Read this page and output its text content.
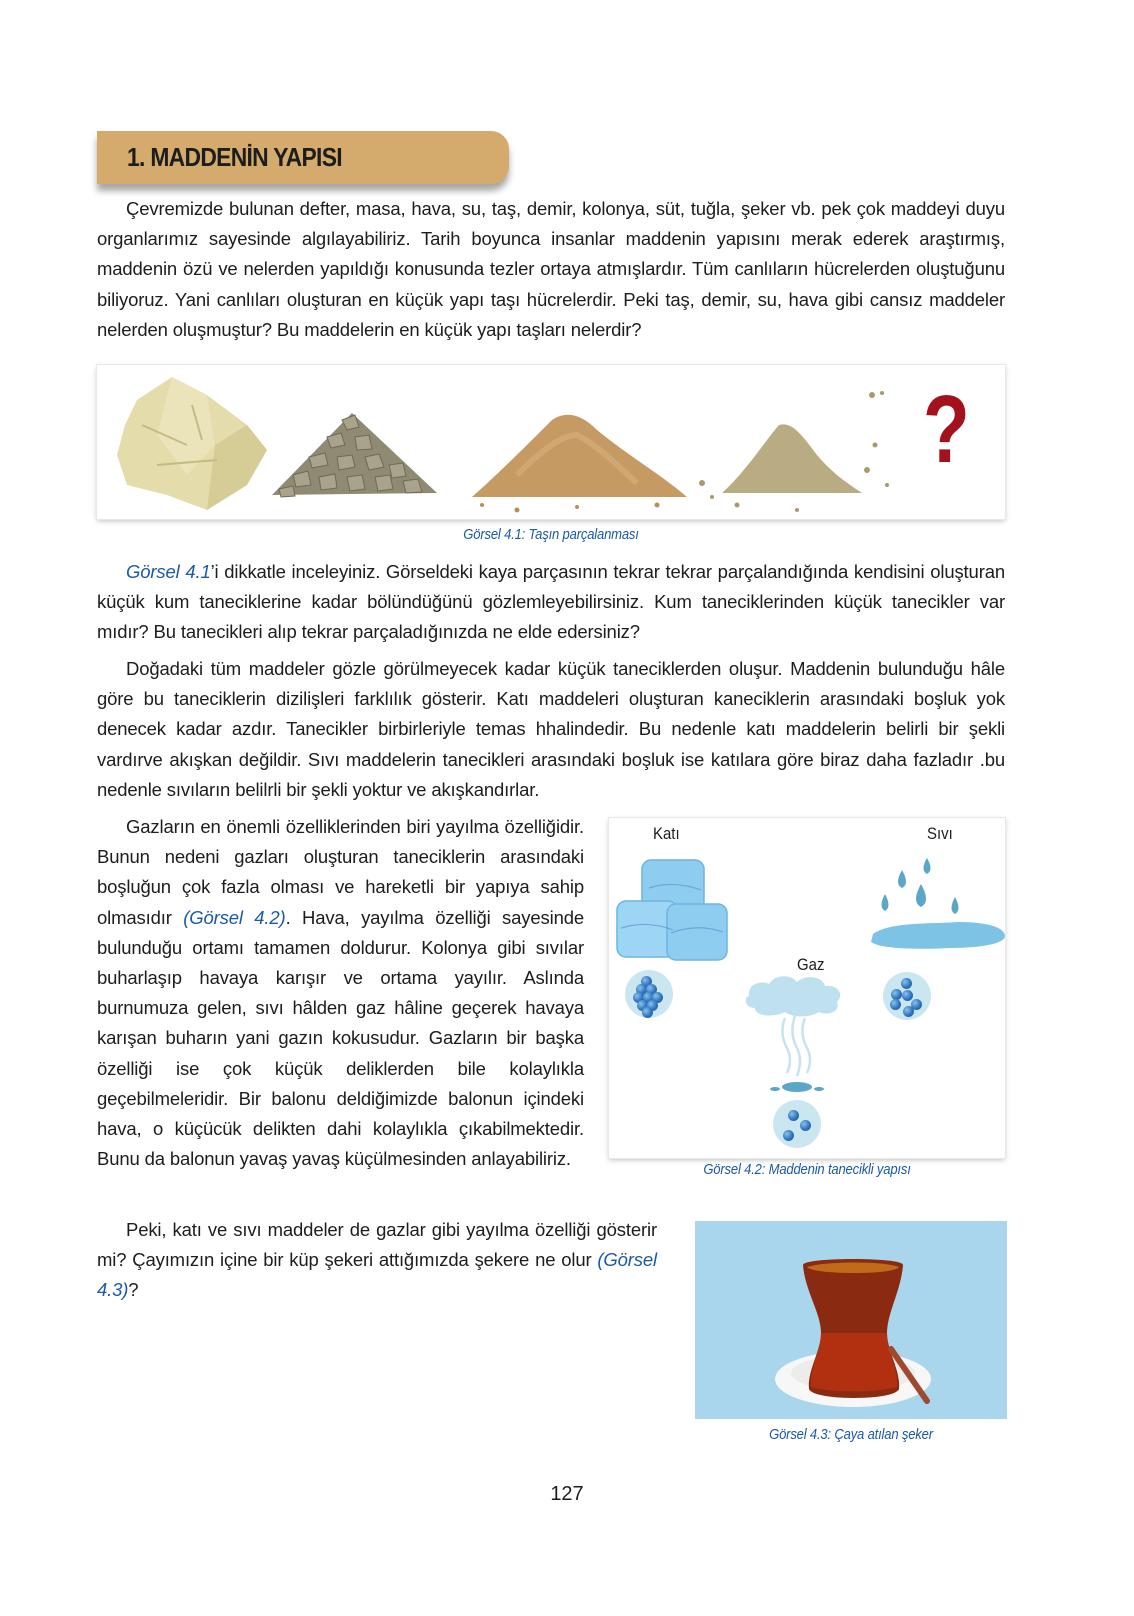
1. MADDENİN YAPISI

Çevremizde bulunan defter, masa, hava, su, taş, demir, kolonya, süt, tuğla, şeker vb. pek çok maddeyi duyu organlarımız sayesinde algılayabiliriz. Tarih boyunca insanlar maddenin yapısını merak ederek araştırmış, maddenin özü ve nelerden yapıldığı konusunda tezler ortaya atmışlardır. Tüm canlıların hücrelerden oluştuğunu biliyoruz. Yani canlıları oluşturan en küçük yapı taşı hücrelerdir. Peki taş, demir, su, hava gibi cansız maddeler nelerden oluşmuştur? Bu maddelerin en küçük yapı taşları nelerdir?

?
Görsel 4.1: Taşın parçalanması

Görsel 4.1’i dikkatle inceleyiniz. Görseldeki kaya parçasının tekrar tekrar parçalandığında kendisini oluşturan küçük kum taneciklerine kadar bölündüğünü gözlemleyebilirsiniz. Kum taneciklerinden küçük tanecikler var mıdır? Bu tanecikleri alıp tekrar parçaladığınızda ne elde edersiniz?

Doğadaki tüm maddeler gözle görülmeyecek kadar küçük taneciklerden oluşur. Maddenin bulunduğu hâle göre bu taneciklerin dizilişleri farklılık gösterir. Katı maddeleri oluşturan kaneciklerin arasındaki boşluk yok denecek kadar azdır. Tanecikler birbirleriyle temas hhalindedir. Bu nedenle katı maddelerin belirli bir şekli vardırve akışkan değildir. Sıvı maddelerin tanecikleri arasındaki boşluk ise katılara göre biraz daha fazladır .bu nedenle sıvıların belilrli bir şekli yoktur ve akışkandırlar.

Gazların en önemli özelliklerinden biri yayılma özelliğidir. Bunun nedeni gazları oluşturan taneciklerin arasındaki boşluğun çok fazla olması ve hareketli bir yapıya sahip olmasıdır (Görsel 4.2). Hava, yayılma özelliği sayesinde bulunduğu ortamı tamamen doldurur. Kolonya gibi sıvılar buharlaşıp havaya karışır ve ortama yayılır. Aslında burnumuza gelen, sıvı hâlden gaz hâline geçerek havaya karışan buharın yani gazın kokusudur. Gazların bir başka özelliği ise çok küçük deliklerden bile kolaylıkla geçebilmeleridir. Bir balonu deldiğimizde balonun içindeki hava, o küçücük delikten dahi kolaylıkla çıkabilmektedir. Bunu da balonun yavaş yavaş küçülmesinden anlayabiliriz.

Katı	Sıvı
Gaz
Görsel 4.2: Maddenin tanecikli yapısı

Peki, katı ve sıvı maddeler de gazlar gibi yayılma özelliği gösterir mi? Çayımızın içine bir küp şekeri attığımızda şekere ne olur (Görsel 4.3)?

Görsel 4.3: Çaya atılan şeker
127
